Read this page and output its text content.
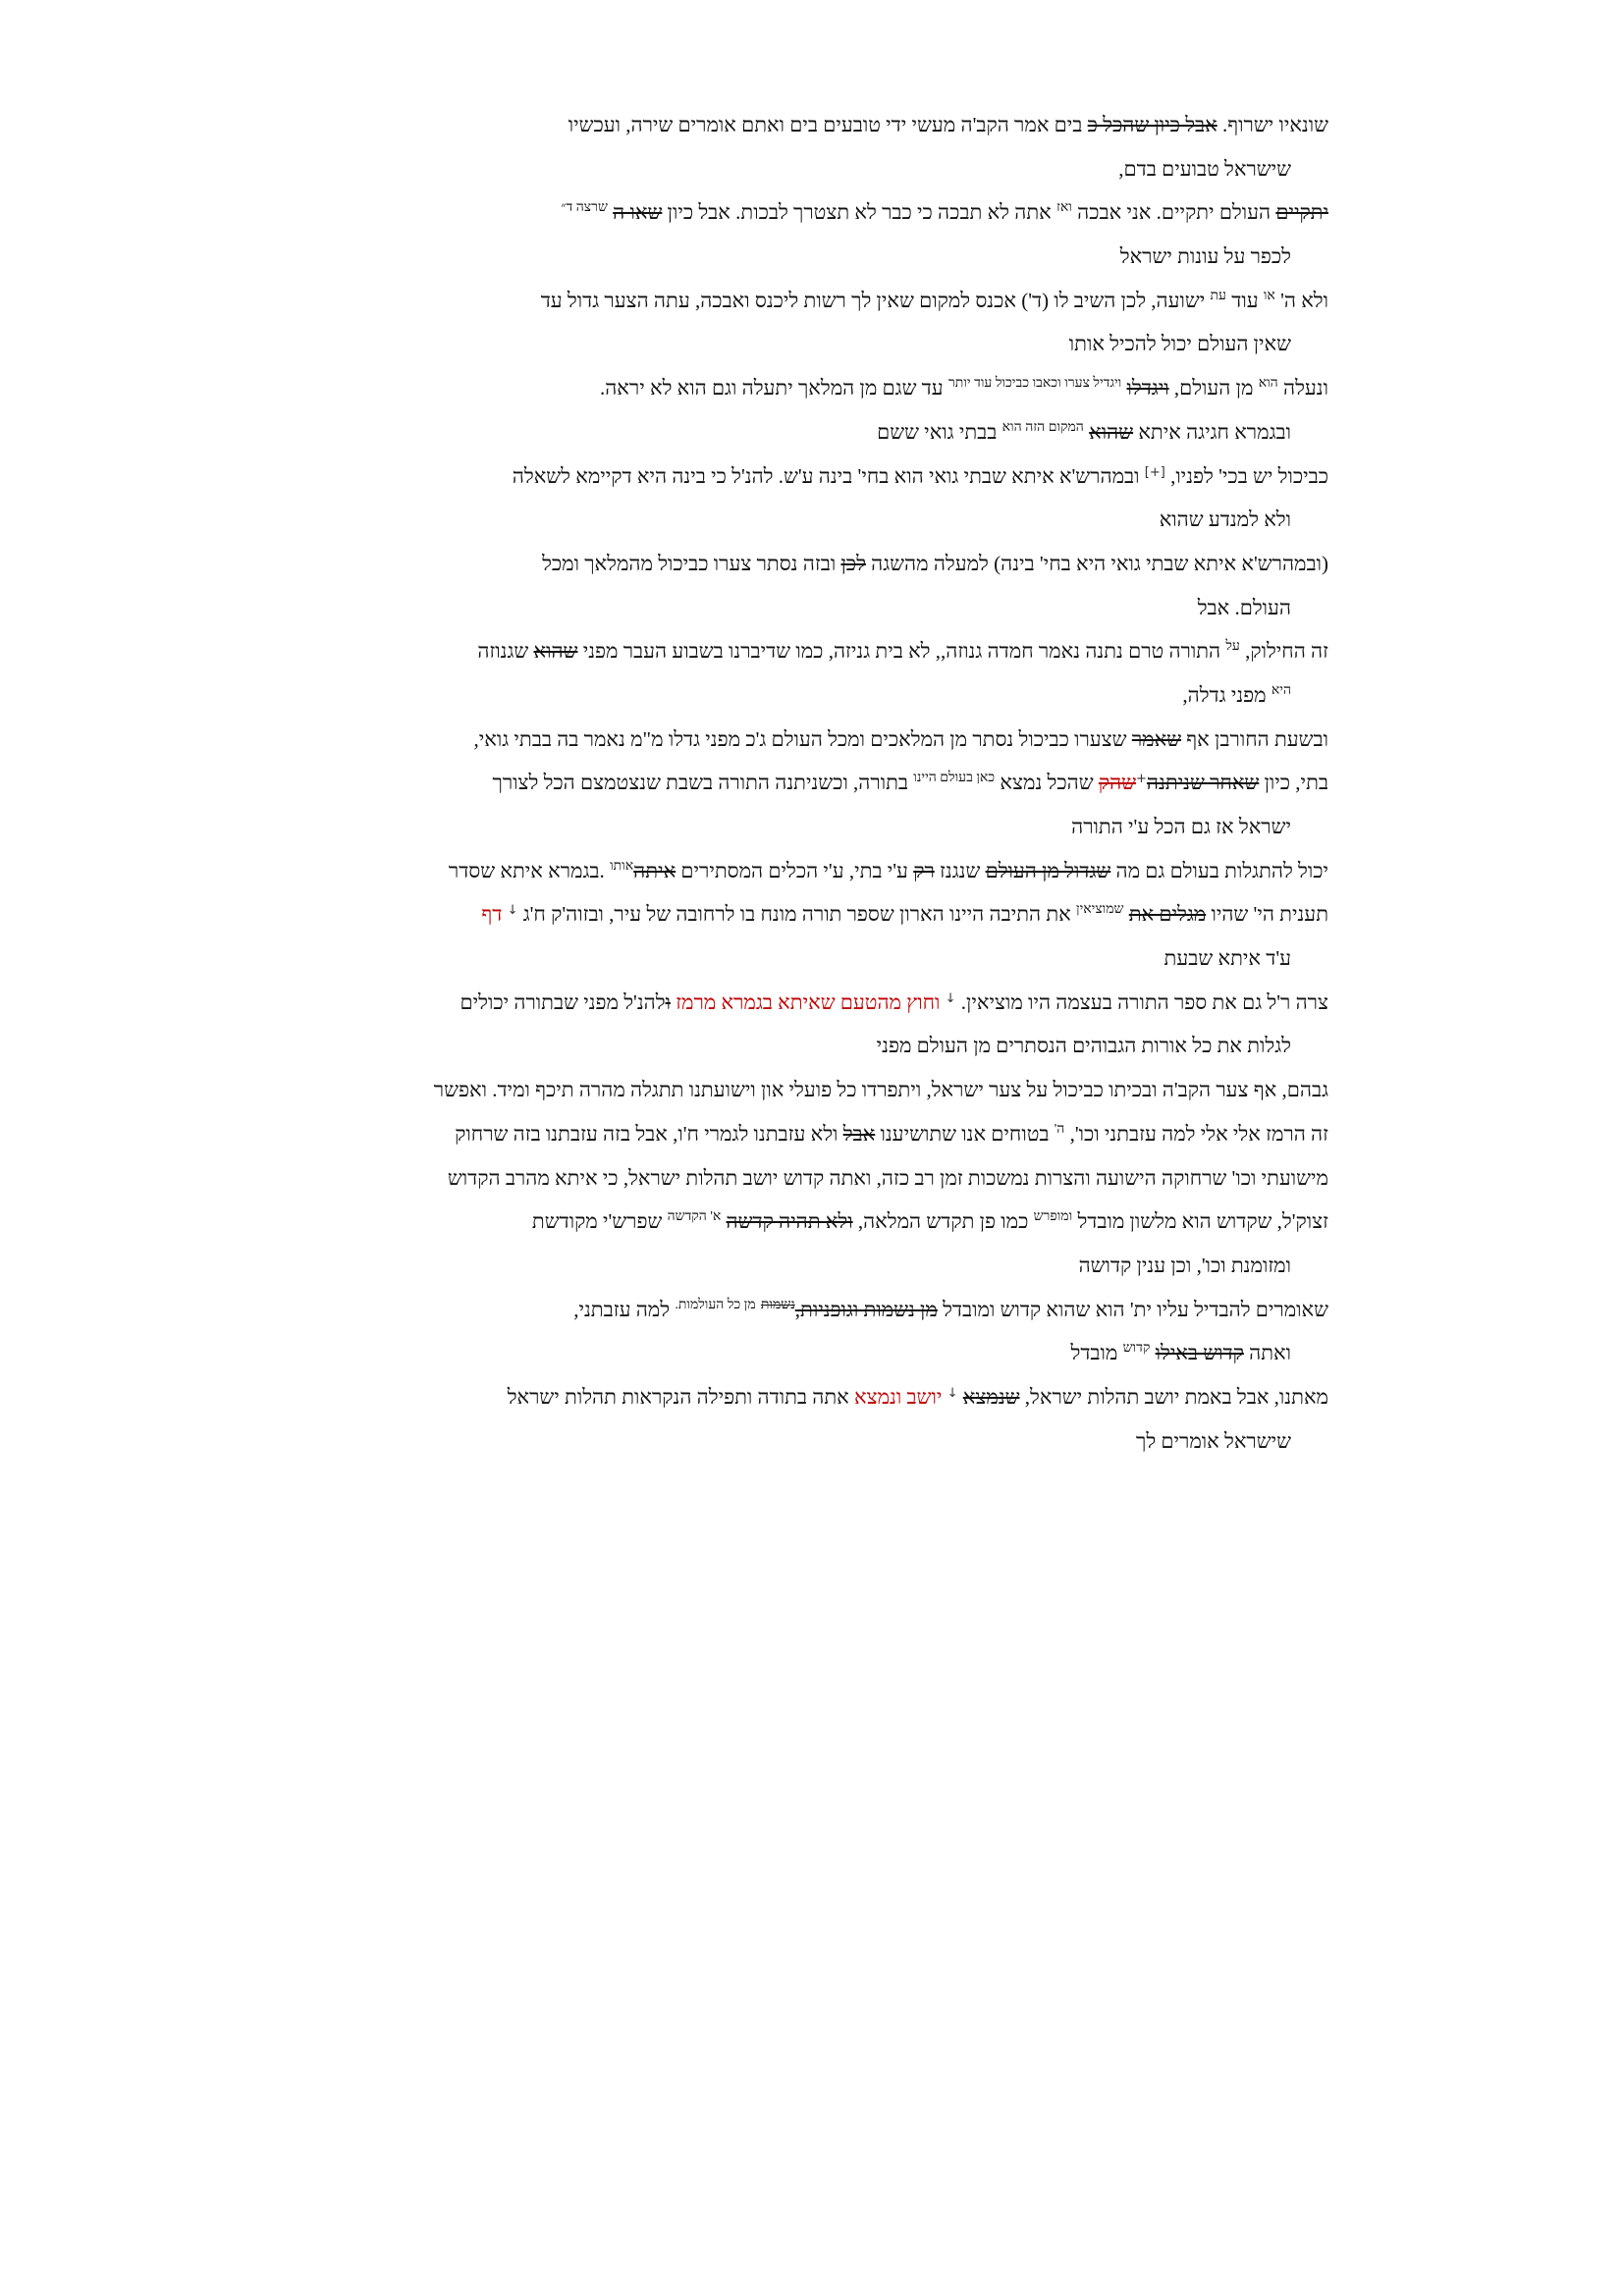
שונאיו ישרוף. אבל כיון שהכל כ בים אמר הקב'ה מעשי ידי טובעים בים ואתם אומרים שירה, ועכשיו
שישראל טבועים בדם,
יתקיים העולם יתקיים. אני אבכה $^{ואז}$ אתה לא תבכה כי כבר לא תצטרך לבכות. אבל כיון שאו ה $^{שרצה ד״}$
לכפר על עונות ישראל
ולא ה' $^{או}$ עוד $^{עת}$ ישועה, לכן השיב לו (ד') אכנס למקום שאין לך רשות ליכנס ואבכה, עתה הצער גדול עד
שאין העולם יכול להכיל אותו
ונעלה $^{הוא}$ מן העולם, ויגדלו $^{ויגדיל צערו וכאבו כביכול עוד יותר}$ עד שגם מן המלאך יתעלה וגם הוא לא יראה.
ובגמרא חגיגה איתא שהוא $^{המקום הזה הוא}$ בבתי גואי ששם
כביכול יש בכי' לפניו, [+] ובמהרש'א איתא שבתי גואי הוא בחי' בינה ע'ש. להנ'ל כי בינה היא דקיימא לשאלה
ולא למנדע שהוא
(ובמהרש'א איתא שבתי גואי היא בחי' בינה) למעלה מהשגה לכן ובזה נסתר צערו כביכול מהמלאך ומכל
העולם. אבל
זה החילוק, $^{על}$ התורה טרם נתנה נאמר חמדה גנוזה,, לא בית גניזה, כמו שדיברנו בשבוע העבר מפני שהוא שגנוזה
$^{היא}$ מפני גדלה,
ובשעת החורבן אף שאמר שצערו כביכול נסתר מן המלאכים ומכל העולם ג'כ מפני גדלו מ"מ נאמר בה בבתי גואי,
בתי, כיון שאחר שניתנה+שהק שהכל נמצא $^{כאן בעולם היינו}$ בתורה, וכשניתנה התורה בשבת שנצטמצם הכל לצורך
ישראל אז גם הכל ע'י התורה
יכול להתגלות בעולם גם מה שגדול מן העולם שנגנז רק ע'י בתי, ע'י הכלים המסתירים איתה$^{אותו}$ .בגמרא איתא שסדר
תענית הי' שהיו מגלים את $^{שמוציאין}$ את התיבה היינו הארון שספר תורה מונח בו לרחובה של עיר, ובזוה'ק ח'ג ↓ דף
ע'ד איתא שבעת
צרה ר'ל גם את ספר התורה בעצמה היו מוציאין. ↓ וחוץ מהטעם שאיתא בגמרא מרמז ולהנ'ל מפני שבתורה יכולים
לגלות את כל אורות הגבוהים הנסתרים מן העולם מפני
גבהם, אף צער הקב'ה ובכיתו כביכול על צער ישראל, ויתפרדו כל פועלי און וישועתנו תתגלה מהרה תיכף ומיד. ואפשר
זה הרמז אלי אלי למה עזבתני וכו', $^{ה'}$ בטוחים אנו שתושיענו אבל ולא עזבתנו לגמרי ח'ו, אבל בזה עזבתנו בזה שרחוק
מישועתי וכו' שרחוקה הישועה והצרות נמשכות זמן רב כזה, ואתה קדוש יושב תהלות ישראל, כי איתא מהרב הקדוש
זצוק'ל, שקדוש הוא מלשון מובדל $^{ומופרש}$ כמו פן תקדש המלאה, ולא תהיה קדשה $^{א' הקדשה}$ שפרש'י מקודשת
ומזומנת וכו', וכן ענין קדושה
שאומרים להבדיל עליו ית' הוא שהוא קדוש ומובדל מן נשמות וגופניות,$^{נשמות}$ $^{מן כל העולמות.}$ למה עזבתני,
ואתה קדוש באילו $^{קדוש}$ מובדל
מאתנו, אבל באמת יושב תהלות ישראל, שנמצא ↓ יושב ונמצא אתה בתודה ותפילה הנקראות תהלות ישראל
שישראל אומרים לך
